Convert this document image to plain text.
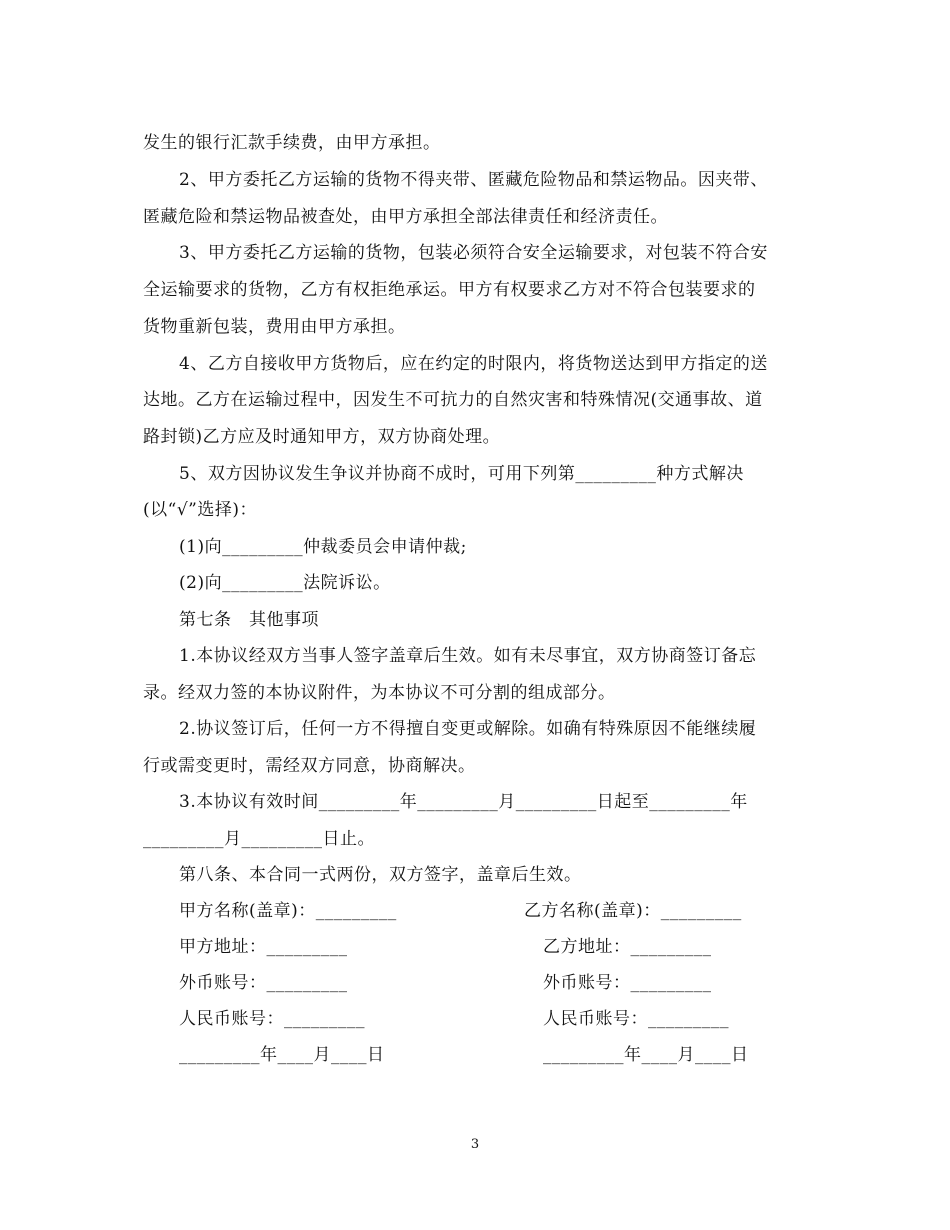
发生的银行汇款手续费，由甲方承担。
2、甲方委托乙方运输的货物不得夹带、匿藏危险物品和禁运物品。因夹带、
匿藏危险和禁运物品被查处，由甲方承担全部法律责任和经济责任。
3、甲方委托乙方运输的货物，包装必须符合安全运输要求，对包装不符合安
全运输要求的货物，乙方有权拒绝承运。甲方有权要求乙方对不符合包装要求的
货物重新包装，费用由甲方承担。
4、乙方自接收甲方货物后，应在约定的时限内，将货物送达到甲方指定的送
达地。乙方在运输过程中，因发生不可抗力的自然灾害和特殊情况(交通事故、道
路封锁)乙方应及时通知甲方，双方协商处理。
5、双方因协议发生争议并协商不成时，可用下列第_________种方式解决
(以“√”选择)：
(1)向_________仲裁委员会申请仲裁;
(2)向_________法院诉讼。
第七条　其他事项
1.本协议经双方当事人签字盖章后生效。如有未尽事宜，双方协商签订备忘
录。经双力签的本协议附件，为本协议不可分割的组成部分。
2.协议签订后，任何一方不得擅自变更或解除。如确有特殊原因不能继续履
行或需变更时，需经双方同意，协商解决。
3.本协议有效时间_________年_________月_________日起至_________年
_________月_________日止。
第八条、本合同一式两份，双方签字，盖章后生效。
甲方名称(盖章)：_________
甲方地址：_________
外币账号：_________
人民币账号：_________
_________年____月____日
乙方名称(盖章)：_________
乙方地址：_________
外币账号：_________
人民币账号：_________
_________年____月____日
3
